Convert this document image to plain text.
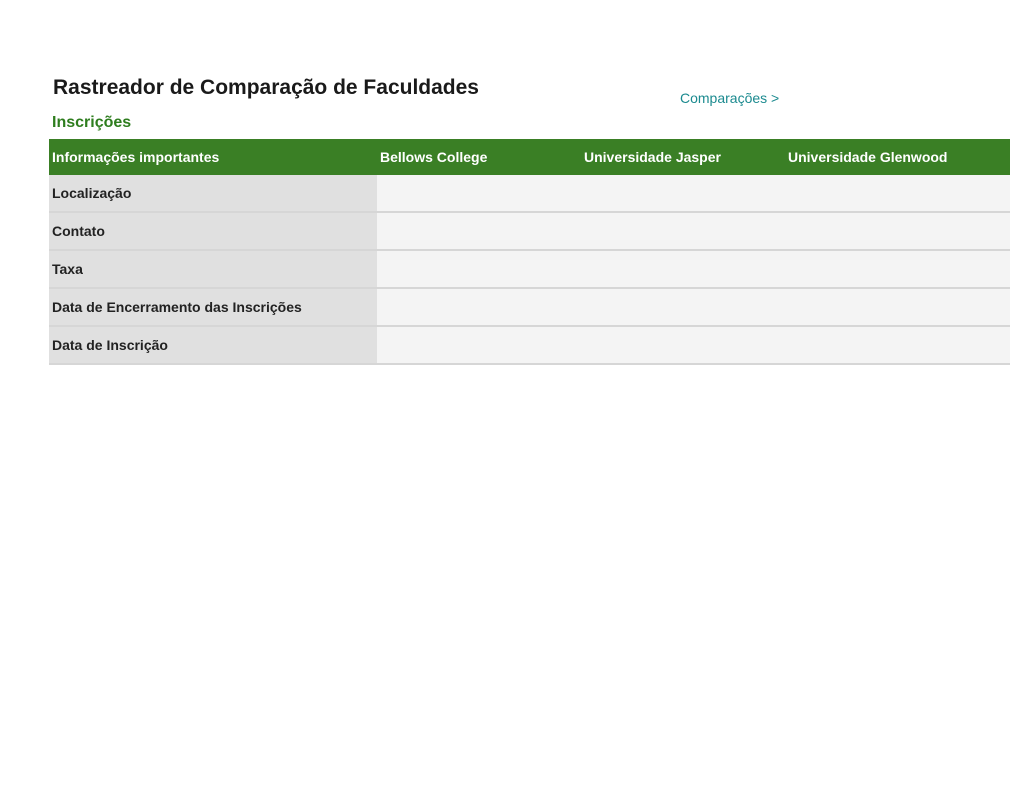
Rastreador de Comparação de Faculdades	Comparações >
Inscrições
Informações importantes	Bellows College	Universidade Jasper	Universidade Glenwood
Localização			
Contato			
Taxa			
Data de Encerramento das Inscrições			
Data de Inscrição			
